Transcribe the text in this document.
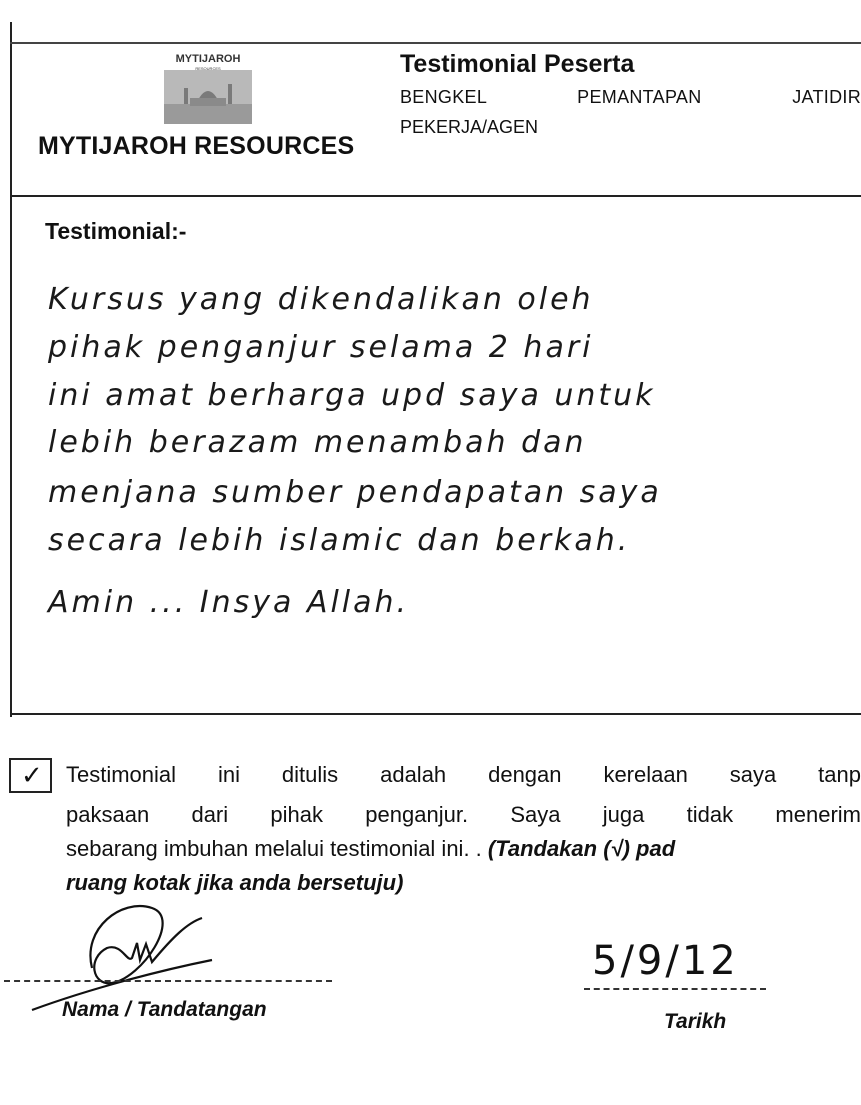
MYTIJAROH
RESOURCES
MYTIJAROH RESOURCES
Testimonial Peserta
BENGKEL PEMANTAPAN JATIDIR
PEKERJA/AGEN
Testimonial:-
Kursus yang dikendalikan oleh
pihak penganjur selama 2 hari
ini amat berharga upd saya untuk
lebih berazam menambah dan
menjana sumber pendapatan saya
secara lebih islamic dan berkah.
Amin ... Insya Allah.
✓ Testimonial ini ditulis adalah dengan kerelaan saya tanp
paksaan dari pihak penganjur. Saya juga tidak menerim
sebarang imbuhan melalui testimonial ini. . (Tandakan (√) pad
ruang kotak jika anda bersetuju)
Nama / Tandatangan
5/9/12
Tarikh
